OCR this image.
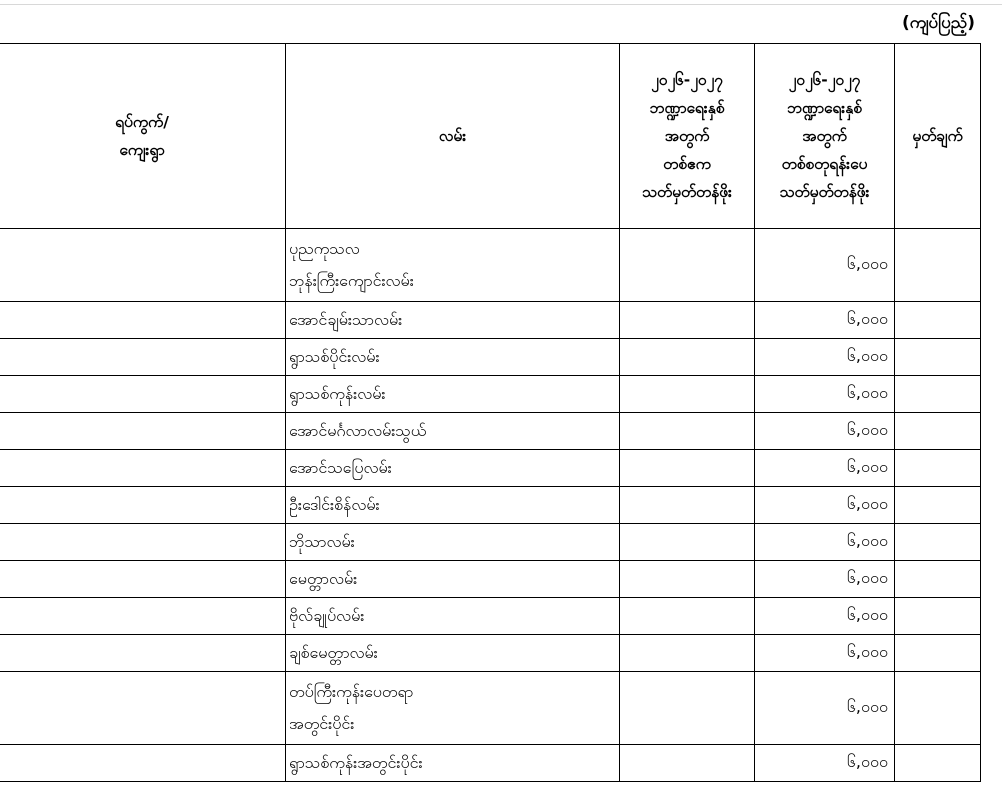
(ကျပ်ပြည့်)
ရပ်ကွက်/
ကျေးရွာ	လမ်း	၂၀၂၆-၂၀၂၇
ဘဏ္ဍာရေးနှစ်
အတွက်
တစ်ဧက
သတ်မှတ်တန်ဖိုး	၂၀၂၆-၂၀၂၇
ဘဏ္ဍာရေးနှစ်
အတွက်
တစ်စတုရန်းပေ
သတ်မှတ်တန်ဖိုး	မှတ်ချက်
	ပုညကုသလ
ဘုန်းကြီးကျောင်းလမ်း		၆,၀၀၀	
	အောင်ချမ်းသာလမ်း		၆,၀၀၀	
	ရွာသစ်ပိုင်းလမ်း		၆,၀၀၀	
	ရွာသစ်ကုန်းလမ်း		၆,၀၀၀	
	အောင်မင်္ဂလာလမ်းသွယ်		၆,၀၀၀	
	အောင်သပြေလမ်း		၆,၀၀၀	
	ဦးဒေါင်းစိန်လမ်း		၆,၀၀၀	
	ဘိုသာလမ်း		၆,၀၀၀	
	မေတ္တာလမ်း		၆,၀၀၀	
	ဗိုလ်ချုပ်လမ်း		၆,၀၀၀	
	ချစ်မေတ္တာလမ်း		၆,၀၀၀	
	တပ်ကြီးကုန်းပေတရာ
အတွင်းပိုင်း		၆,၀၀၀	
	ရွာသစ်ကုန်းအတွင်းပိုင်း		၆,၀၀၀	
